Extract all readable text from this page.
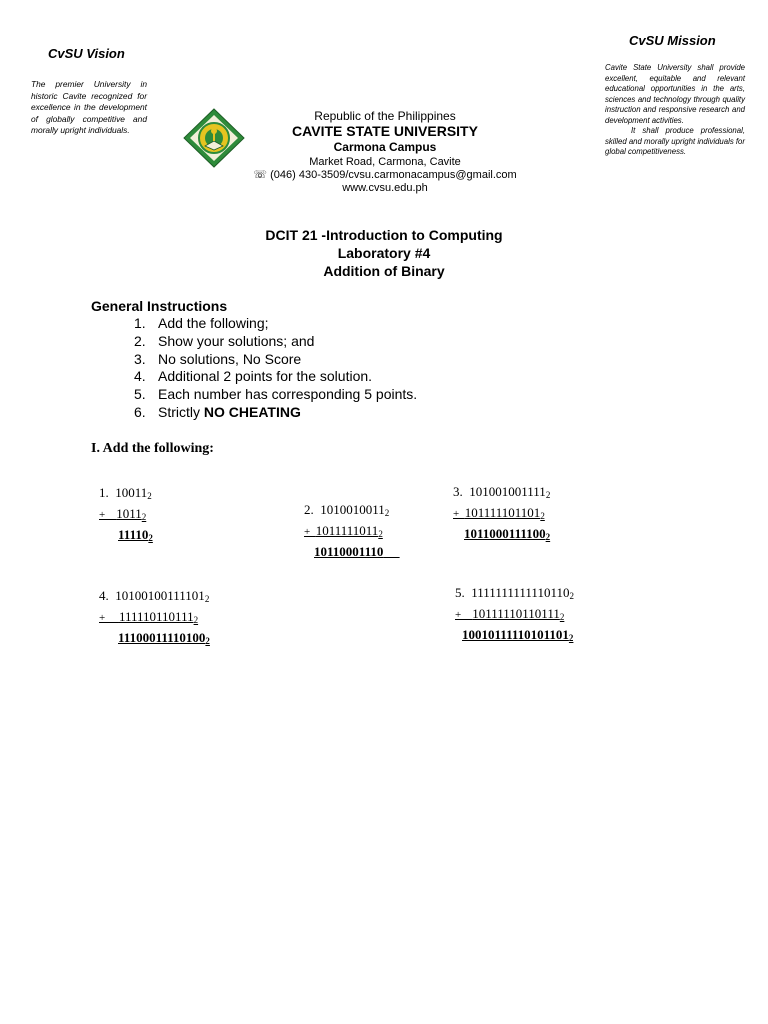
CvSU Vision
The premier University in historic Cavite recognized for excellence in the development of globally competitive and morally upright individuals.
CvSU Mission

Cavite State University shall provide excellent, equitable and relevant educational opportunities in the arts, sciences and technology through quality instruction and responsive research and development activities.

It shall produce professional, skilled and morally upright individuals for global competitiveness.

Republic of the Philippines
CAVITE STATE UNIVERSITY
Carmona Campus
Market Road, Carmona, Cavite
☏ (046) 430-3509/cvsu.carmonacampus@gmail.com
www.cvsu.edu.ph
DCIT 21 -Introduction to Computing
Laboratory #4
Addition of Binary
General Instructions
1. Add the following;
2. Show your solutions; and
3. No solutions, No Score
4. Additional 2 points for the solution.
5. Each number has corresponding 5 points.
6. Strictly NO CHEATING
I. Add the following:
1. $10011_2$
+    $1011_2$
$11110_2$
2. $1010010011_2$
+  $1011111011_2$
10110001110
3. $101001001111_2$
+  $101111101101_2$
$1011000111100_2$
4. $10100100111101_2$
+     $111110110111_2$
$11100011110100_2$
5. $1111111111110110_2$
+    $10111110110111_2$
$10010111110101101_2$
